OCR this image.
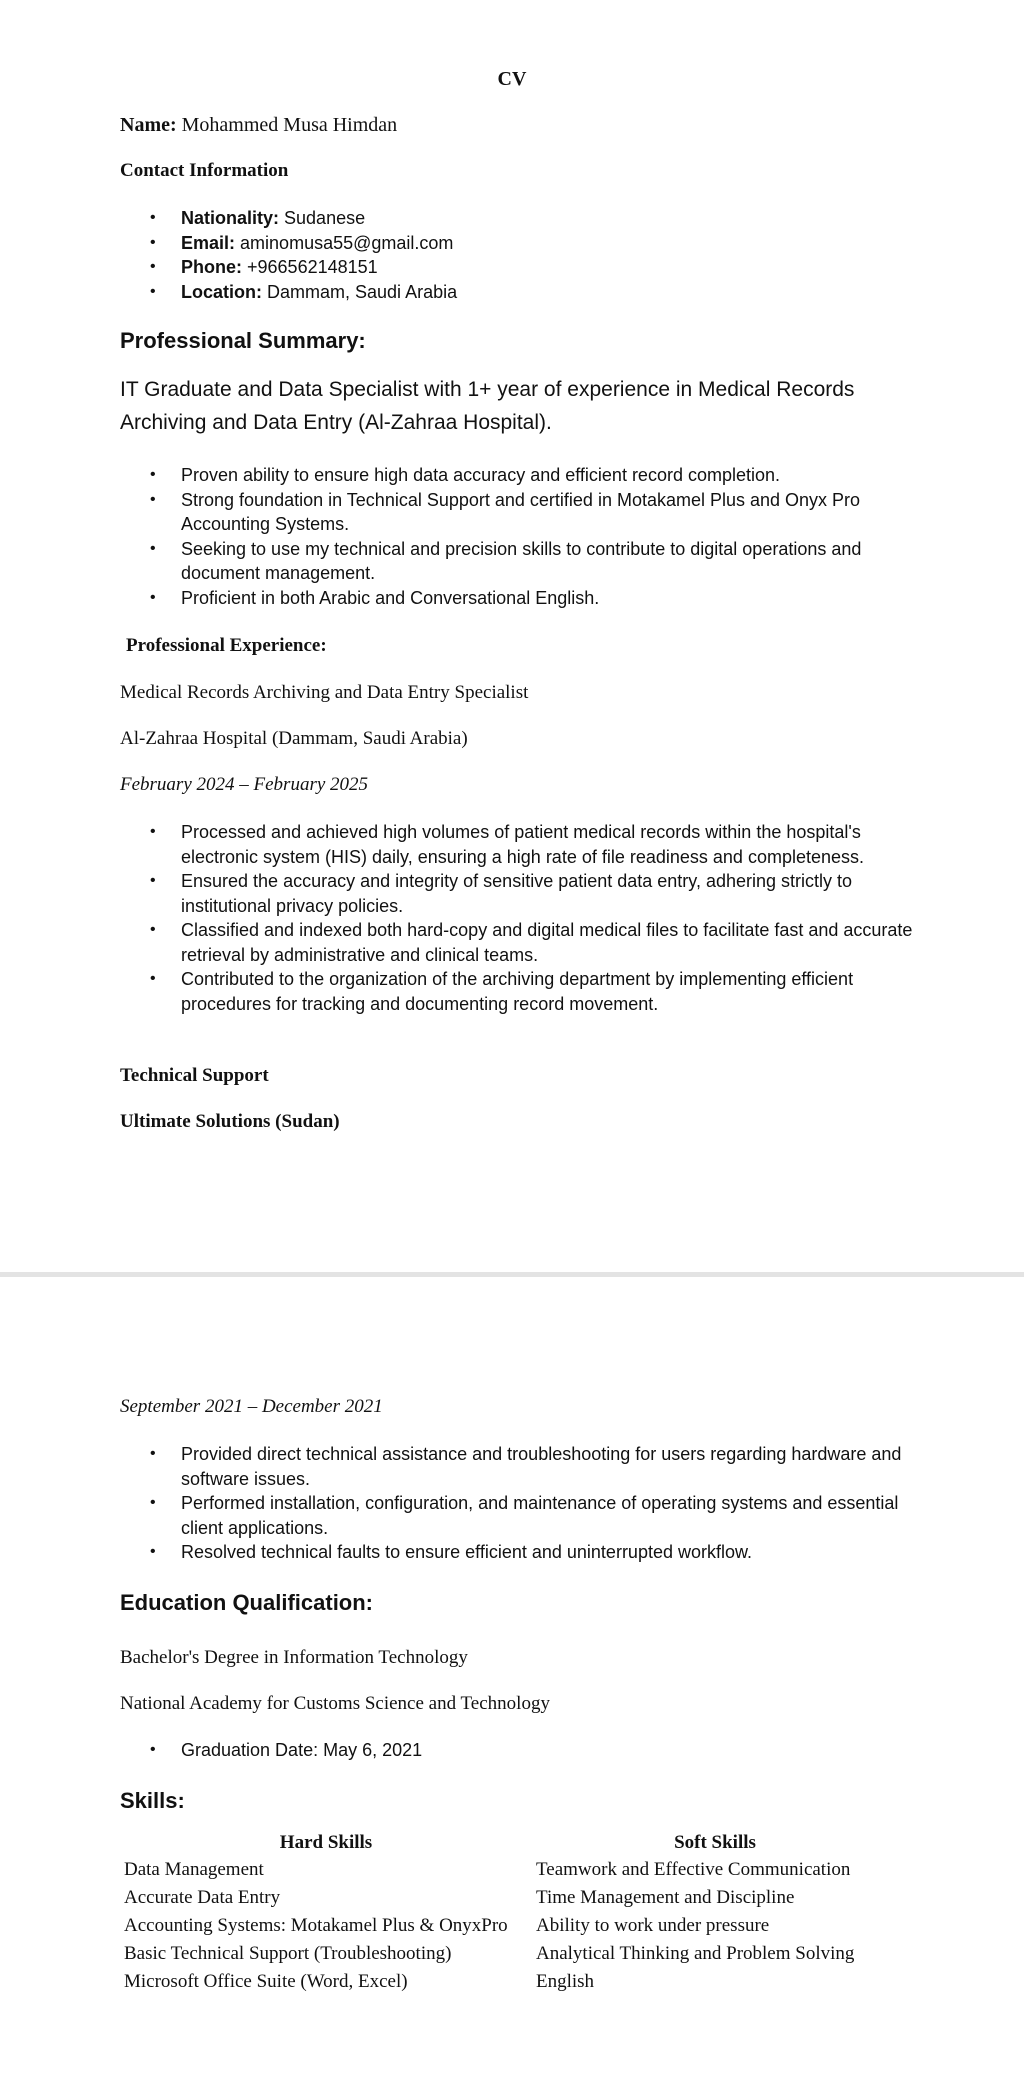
CV
Name: Mohammed Musa Himdan
Contact Information
• Nationality: Sudanese
• Email: aminomusa55@gmail.com
• Phone: +966562148151
• Location: Dammam, Saudi Arabia
Professional Summary:
IT Graduate and Data Specialist with 1+ year of experience in Medical Records Archiving and Data Entry (Al-Zahraa Hospital).
• Proven ability to ensure high data accuracy and efficient record completion.
• Strong foundation in Technical Support and certified in Motakamel Plus and Onyx Pro Accounting Systems.
• Seeking to use my technical and precision skills to contribute to digital operations and document management.
• Proficient in both Arabic and Conversational English.
Professional Experience:
Medical Records Archiving and Data Entry Specialist
Al-Zahraa Hospital (Dammam, Saudi Arabia)
February 2024 – February 2025
• Processed and achieved high volumes of patient medical records within the hospital's electronic system (HIS) daily, ensuring a high rate of file readiness and completeness.
• Ensured the accuracy and integrity of sensitive patient data entry, adhering strictly to institutional privacy policies.
• Classified and indexed both hard-copy and digital medical files to facilitate fast and accurate retrieval by administrative and clinical teams.
• Contributed to the organization of the archiving department by implementing efficient procedures for tracking and documenting record movement.
Technical Support
Ultimate Solutions (Sudan)
September 2021 – December 2021
• Provided direct technical assistance and troubleshooting for users regarding hardware and software issues.
• Performed installation, configuration, and maintenance of operating systems and essential client applications.
• Resolved technical faults to ensure efficient and uninterrupted workflow.
Education Qualification:
Bachelor's Degree in Information Technology
National Academy for Customs Science and Technology
• Graduation Date: May 6, 2021
Skills:
Hard Skills	Soft Skills
Data Management	Teamwork and Effective Communication
Accurate Data Entry	Time Management and Discipline
Accounting Systems: Motakamel Plus & OnyxPro	Ability to work under pressure
Basic Technical Support (Troubleshooting)	Analytical Thinking and Problem Solving
Microsoft Office Suite (Word, Excel)	English
